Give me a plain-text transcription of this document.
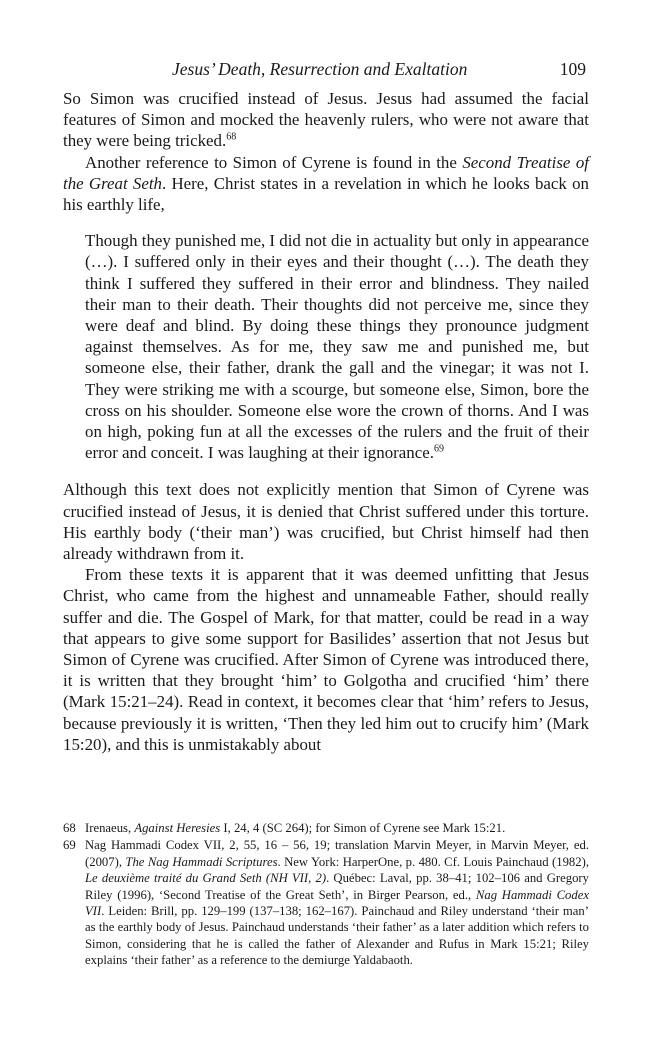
Jesus’ Death, Resurrection and Exaltation	109

So Simon was crucified instead of Jesus. Jesus had assumed the facial features of Simon and mocked the heavenly rulers, who were not aware that they were being tricked.$^{68}$

Another reference to Simon of Cyrene is found in the Second Treatise of the Great Seth. Here, Christ states in a revelation in which he looks back on his earthly life,

Though they punished me, I did not die in actuality but only in appearance (…). I suffered only in their eyes and their thought (…). The death they think I suffered they suffered in their error and blindness. They nailed their man to their death. Their thoughts did not perceive me, since they were deaf and blind. By doing these things they pronounce judgment against themselves. As for me, they saw me and punished me, but someone else, their father, drank the gall and the vinegar; it was not I. They were striking me with a scourge, but someone else, Simon, bore the cross on his shoulder. Someone else wore the crown of thorns. And I was on high, poking fun at all the excesses of the rulers and the fruit of their error and conceit. I was laughing at their ignorance.$^{69}$

Although this text does not explicitly mention that Simon of Cyrene was crucified instead of Jesus, it is denied that Christ suffered under this torture. His earthly body (‘their man’) was crucified, but Christ himself had then already withdrawn from it.

From these texts it is apparent that it was deemed unfitting that Jesus Christ, who came from the highest and unnameable Father, should really suffer and die. The Gospel of Mark, for that matter, could be read in a way that appears to give some support for Basilides’ assertion that not Jesus but Simon of Cyrene was crucified. After Simon of Cyrene was introduced there, it is written that they brought ‘him’ to Golgotha and crucified ‘him’ there (Mark 15:21–24). Read in context, it becomes clear that ‘him’ refers to Jesus, because previously it is written, ‘Then they led him out to crucify him’ (Mark 15:20), and this is unmistakably about

68 Irenaeus, Against Heresies I, 24, 4 (SC 264); for Simon of Cyrene see Mark 15:21.
69 Nag Hammadi Codex VII, 2, 55, 16 – 56, 19; translation Marvin Meyer, in Marvin Meyer, ed. (2007), The Nag Hammadi Scriptures. New York: HarperOne, p. 480. Cf. Louis Painchaud (1982), Le deuxième traité du Grand Seth (NH VII, 2). Québec: Laval, pp. 38–41; 102–106 and Gregory Riley (1996), ‘Second Treatise of the Great Seth’, in Birger Pearson, ed., Nag Hammadi Codex VII. Leiden: Brill, pp. 129–199 (137–138; 162–167). Painchaud and Riley understand ‘their man’ as the earthly body of Jesus. Painchaud understands ‘their father’ as a later addition which refers to Simon, considering that he is called the father of Alexander and Rufus in Mark 15:21; Riley explains ‘their father’ as a reference to the demiurge Yaldabaoth.
